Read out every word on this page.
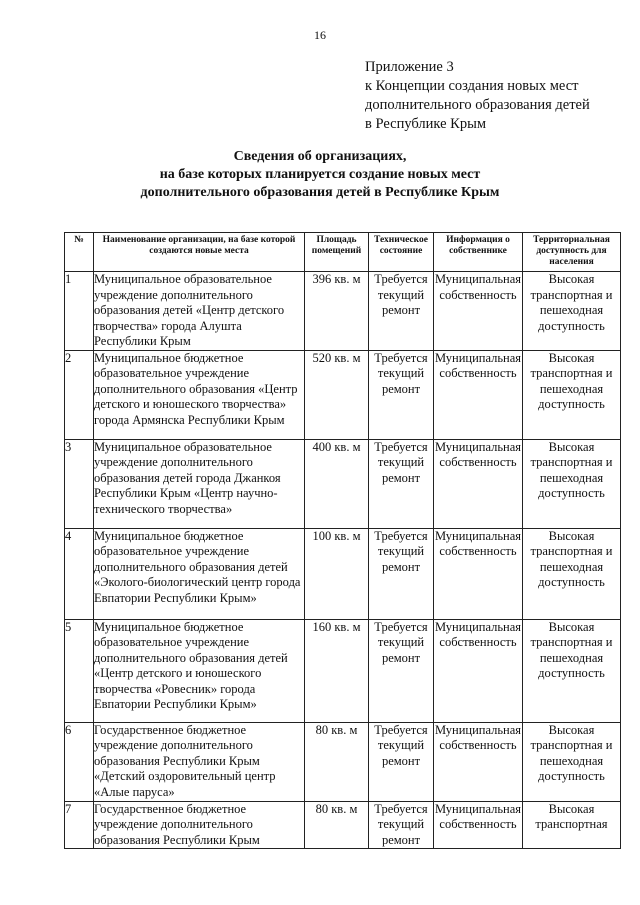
16
Приложение 3
к Концепции создания новых мест
дополнительного образования детей
в Республике Крым
Сведения об организациях,
на базе которых планируется создание новых мест
дополнительного образования детей в Республике Крым
№	Наименование организации, на базе которой создаются новые места	Площадь помещений	Техническое состояние	Информация о собственнике	Территориальная доступность для населения
1	Муниципальное образовательное учреждение дополнительного образования детей «Центр детского творчества» города Алушта Республики Крым	396 кв. м	Требуется текущий ремонт	Муниципальная собственность	Высокая транспортная и пешеходная доступность
2	Муниципальное бюджетное образовательное учреждение дополнительного образования «Центр детского и юношеского творчества» города Армянска Республики Крым	520 кв. м	Требуется текущий ремонт	Муниципальная собственность	Высокая транспортная и пешеходная доступность
3	Муниципальное образовательное учреждение дополнительного образования детей города Джанкоя Республики Крым «Центр научно-технического творчества»	400 кв. м	Требуется текущий ремонт	Муниципальная собственность	Высокая транспортная и пешеходная доступность
4	Муниципальное бюджетное образовательное учреждение дополнительного образования детей «Эколого-биологический центр города Евпатории Республики Крым»	100 кв. м	Требуется текущий ремонт	Муниципальная собственность	Высокая транспортная и пешеходная доступность
5	Муниципальное бюджетное образовательное учреждение дополнительного образования детей «Центр детского и юношеского творчества «Ровесник» города Евпатории Республики Крым»	160 кв. м	Требуется текущий ремонт	Муниципальная собственность	Высокая транспортная и пешеходная доступность
6	Государственное бюджетное учреждение дополнительного образования Республики Крым «Детский оздоровительный центр «Алые паруса»	80 кв. м	Требуется текущий ремонт	Муниципальная собственность	Высокая транспортная и пешеходная доступность
7	Государственное бюджетное учреждение дополнительного образования Республики Крым	80 кв. м	Требуется текущий ремонт	Муниципальная собственность	Высокая транспортная
